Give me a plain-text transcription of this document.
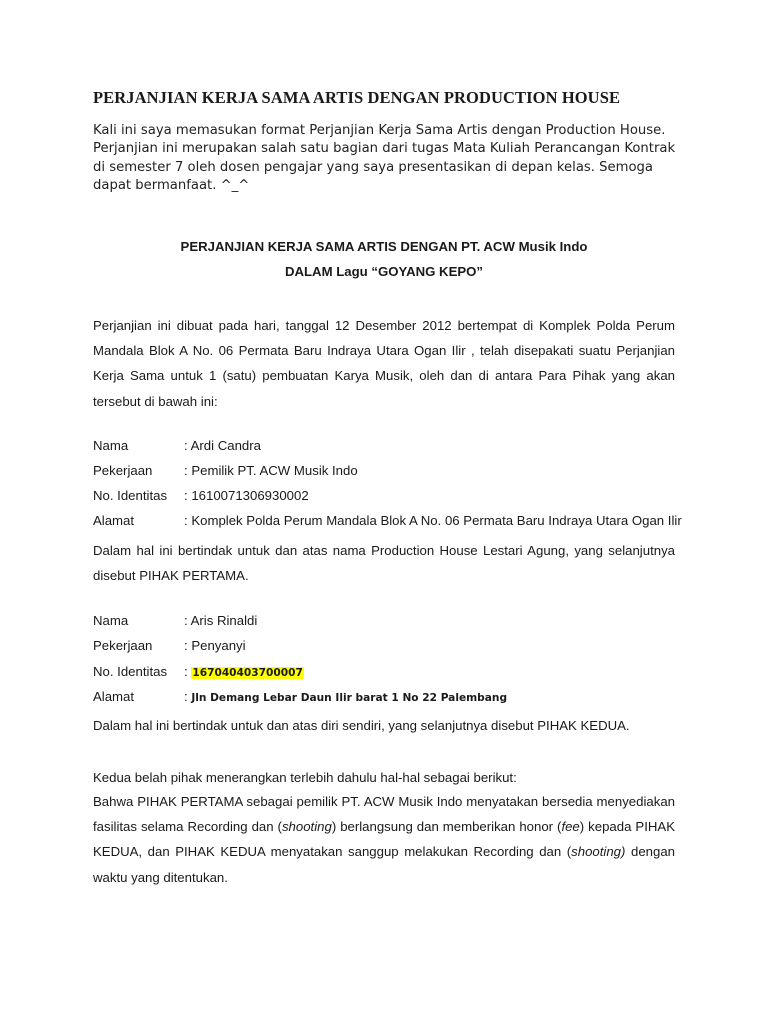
PERJANJIAN KERJA SAMA ARTIS DENGAN PRODUCTION HOUSE

Kali ini saya memasukan format Perjanjian Kerja Sama Artis dengan Production House. Perjanjian ini merupakan salah satu bagian dari tugas Mata Kuliah Perancangan Kontrak di semester 7 oleh dosen pengajar yang saya presentasikan di depan kelas. Semoga dapat bermanfaat. ^_^

PERJANJIAN KERJA SAMA ARTIS DENGAN PT. ACW Musik Indo
DALAM Lagu “GOYANG KEPO”

Perjanjian ini dibuat pada hari, tanggal 12 Desember 2012 bertempat di Komplek Polda Perum Mandala Blok A No. 06 Permata Baru Indraya Utara Ogan Ilir , telah disepakati suatu Perjanjian Kerja Sama untuk 1 (satu) pembuatan Karya Musik, oleh dan di antara Para Pihak yang akan tersebut di bawah ini:

Nama	: Ardi Candra
Pekerjaan : Pemilik PT. ACW Musik Indo
No. Identitas : 1610071306930002
Alamat	: Komplek Polda Perum Mandala Blok A No. 06 Permata Baru Indraya Utara Ogan Ilir

Dalam hal ini bertindak untuk dan atas nama Production House Lestari Agung, yang selanjutnya disebut PIHAK PERTAMA.

Nama	: Aris Rinaldi
Pekerjaan : Penyanyi
No. Identitas : 167040403700007
Alamat	: Jln Demang Lebar Daun Ilir barat 1 No 22 Palembang

Dalam hal ini bertindak untuk dan atas diri sendiri, yang selanjutnya disebut PIHAK KEDUA.

Kedua belah pihak menerangkan terlebih dahulu hal-hal sebagai berikut:

Bahwa PIHAK PERTAMA sebagai pemilik PT. ACW Musik Indo menyatakan bersedia menyediakan fasilitas selama Recording dan (shooting) berlangsung dan memberikan honor (fee) kepada PIHAK KEDUA, dan PIHAK KEDUA menyatakan sanggup melakukan Recording dan (shooting) dengan waktu yang ditentukan.
